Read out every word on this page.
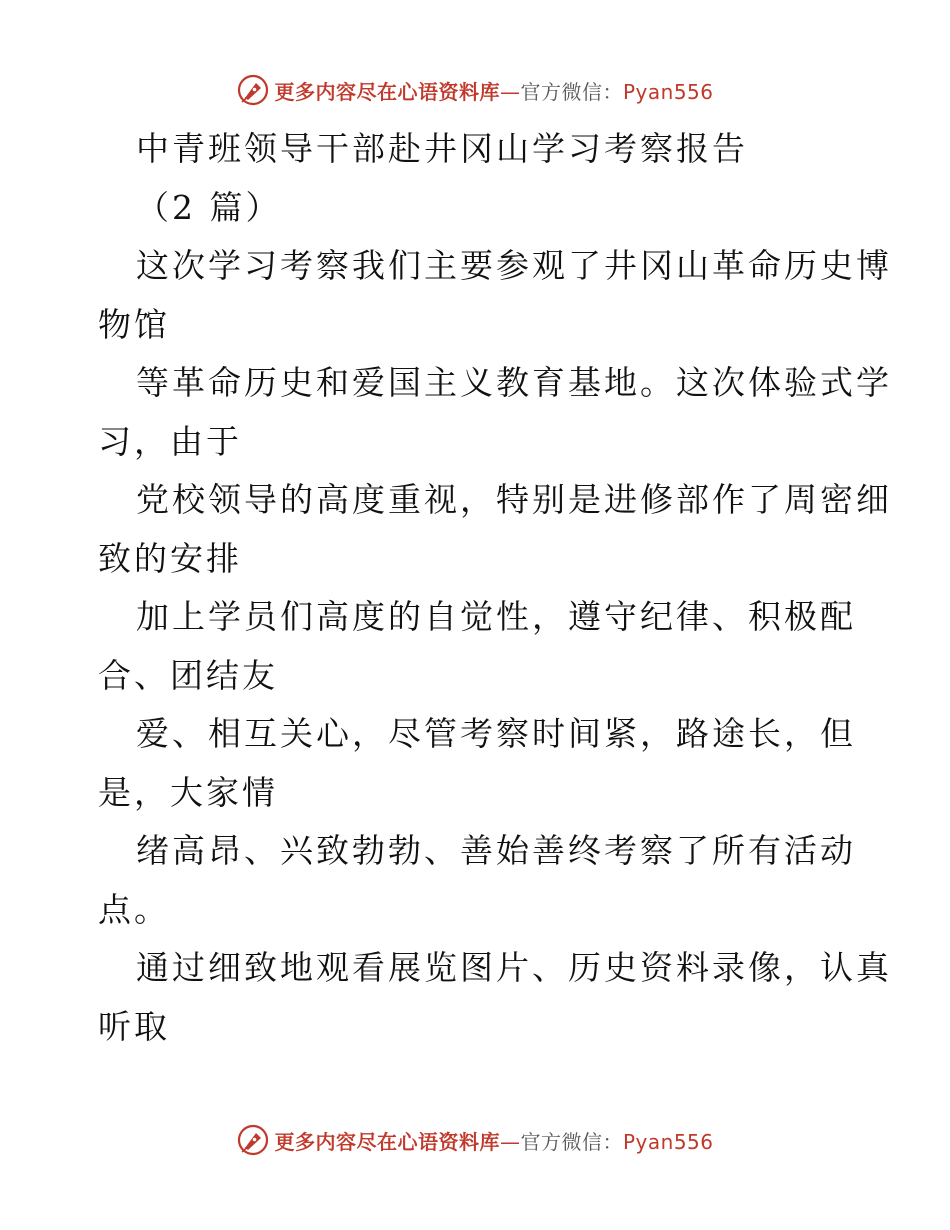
更多内容尽在心语资料库—官方微信：Pyan556
中青班领导干部赴井冈山学习考察报告
（2 篇）
这次学习考察我们主要参观了井冈山革命历史博
物馆
等革命历史和爱国主义教育基地。这次体验式学
习，由于
党校领导的高度重视，特别是进修部作了周密细
致的安排
加上学员们高度的自觉性，遵守纪律、积极配
合、团结友
爱、相互关心，尽管考察时间紧，路途长，但
是，大家情
绪高昂、兴致勃勃、善始善终考察了所有活动
点。
通过细致地观看展览图片、历史资料录像，认真
听取
更多内容尽在心语资料库—官方微信：Pyan556
